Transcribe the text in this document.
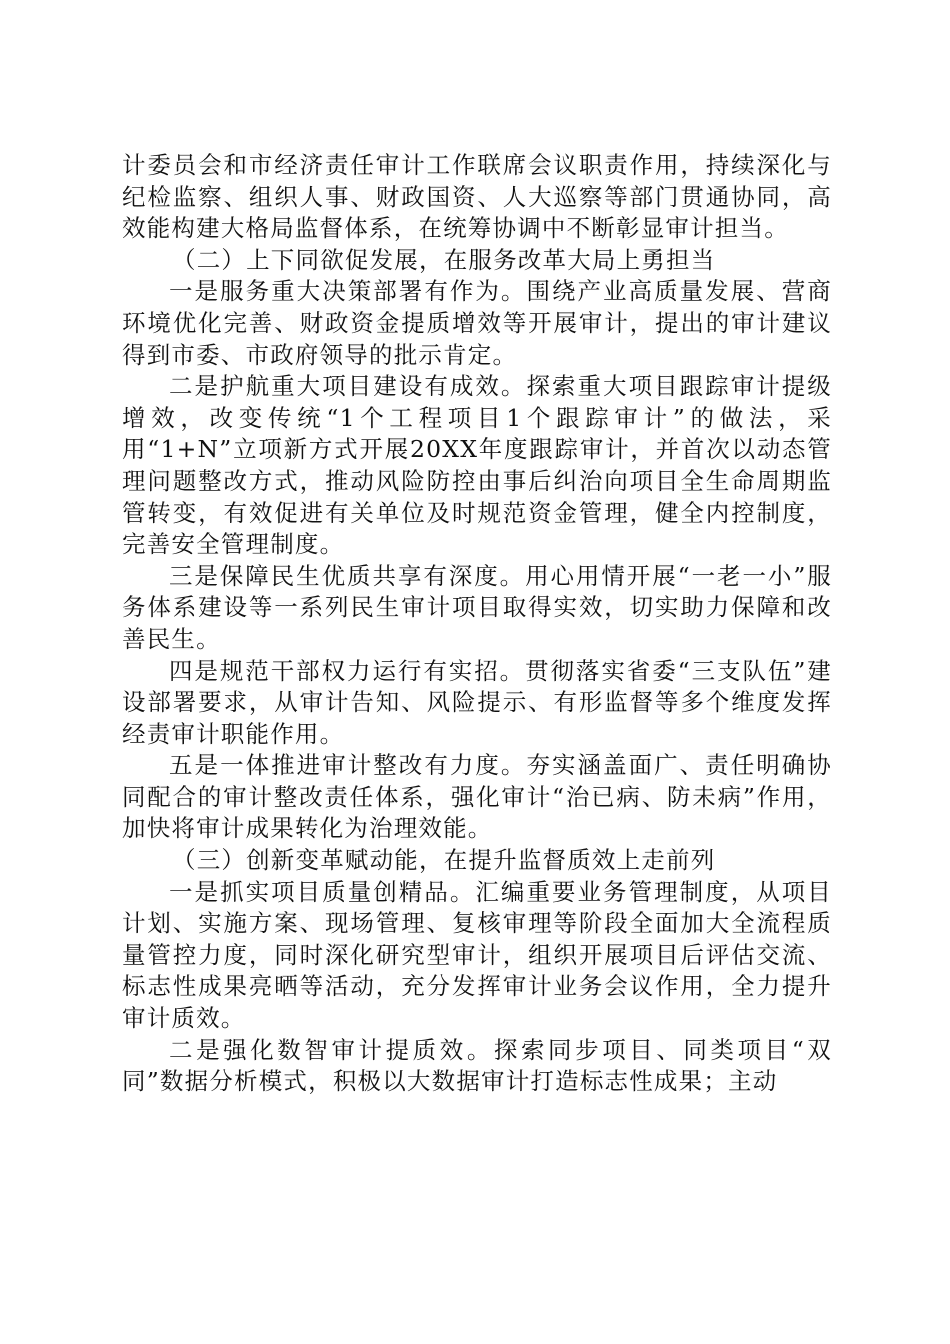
计委员会和市经济责任审计工作联席会议职责作用，持续深化与纪检监察、组织人事、财政国资、人大巡察等部门贯通协同，高效能构建大格局监督体系，在统筹协调中不断彰显审计担当。

（二）上下同欲促发展，在服务改革大局上勇担当

一是服务重大决策部署有作为。围绕产业高质量发展、营商环境优化完善、财政资金提质增效等开展审计，提出的审计建议得到市委、市政府领导的批示肯定。

二是护航重大项目建设有成效。探索重大项目跟踪审计提级增效，改变传统“1个工程项目1个跟踪审计”的做法，采用“1+N”立项新方式开展20XX年度跟踪审计，并首次以动态管理问题整改方式，推动风险防控由事后纠治向项目全生命周期监管转变，有效促进有关单位及时规范资金管理，健全内控制度，完善安全管理制度。

三是保障民生优质共享有深度。用心用情开展“一老一小”服务体系建设等一系列民生审计项目取得实效，切实助力保障和改善民生。

四是规范干部权力运行有实招。贯彻落实省委“三支队伍”建设部署要求，从审计告知、风险提示、有形监督等多个维度发挥经责审计职能作用。

五是一体推进审计整改有力度。夯实涵盖面广、责任明确协同配合的审计整改责任体系，强化审计“治已病、防未病”作用，加快将审计成果转化为治理效能。

（三）创新变革赋动能，在提升监督质效上走前列

一是抓实项目质量创精品。汇编重要业务管理制度，从项目计划、实施方案、现场管理、复核审理等阶段全面加大全流程质量管控力度，同时深化研究型审计，组织开展项目后评估交流、标志性成果亮晒等活动，充分发挥审计业务会议作用，全力提升审计质效。

二是强化数智审计提质效。探索同步项目、同类项目“双同”数据分析模式，积极以大数据审计打造标志性成果；主动
